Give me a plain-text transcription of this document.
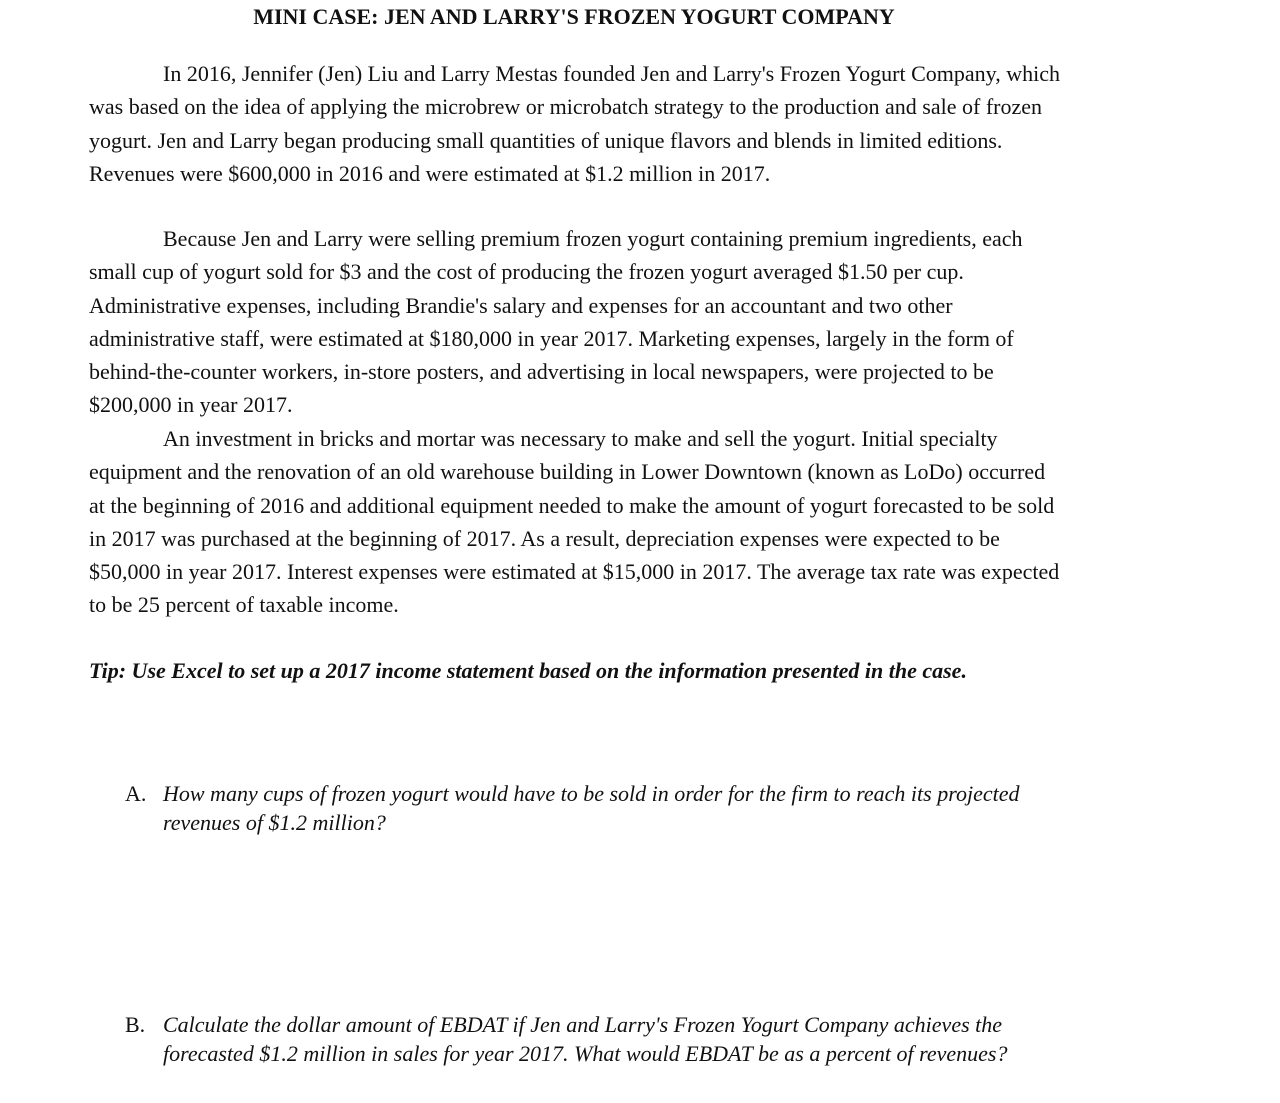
MINI CASE: JEN AND LARRY'S FROZEN YOGURT COMPANY

In 2016, Jennifer (Jen) Liu and Larry Mestas founded Jen and Larry's Frozen Yogurt Company, which was based on the idea of applying the microbrew or microbatch strategy to the production and sale of frozen yogurt. Jen and Larry began producing small quantities of unique flavors and blends in limited editions. Revenues were $600,000 in 2016 and were estimated at $1.2 million in 2017.

Because Jen and Larry were selling premium frozen yogurt containing premium ingredients, each small cup of yogurt sold for $3 and the cost of producing the frozen yogurt averaged $1.50 per cup. Administrative expenses, including Brandie's salary and expenses for an accountant and two other administrative staff, were estimated at $180,000 in year 2017. Marketing expenses, largely in the form of behind-the-counter workers, in-store posters, and advertising in local newspapers, were projected to be $200,000 in year 2017.

An investment in bricks and mortar was necessary to make and sell the yogurt. Initial specialty equipment and the renovation of an old warehouse building in Lower Downtown (known as LoDo) occurred at the beginning of 2016 and additional equipment needed to make the amount of yogurt forecasted to be sold in 2017 was purchased at the beginning of 2017. As a result, depreciation expenses were expected to be $50,000 in year 2017. Interest expenses were estimated at $15,000 in 2017. The average tax rate was expected to be 25 percent of taxable income.

Tip: Use Excel to set up a 2017 income statement based on the information presented in the case.

A. How many cups of frozen yogurt would have to be sold in order for the firm to reach its projected revenues of $1.2 million?
B. Calculate the dollar amount of EBDAT if Jen and Larry's Frozen Yogurt Company achieves the forecasted $1.2 million in sales for year 2017. What would EBDAT be as a percent of revenues?
